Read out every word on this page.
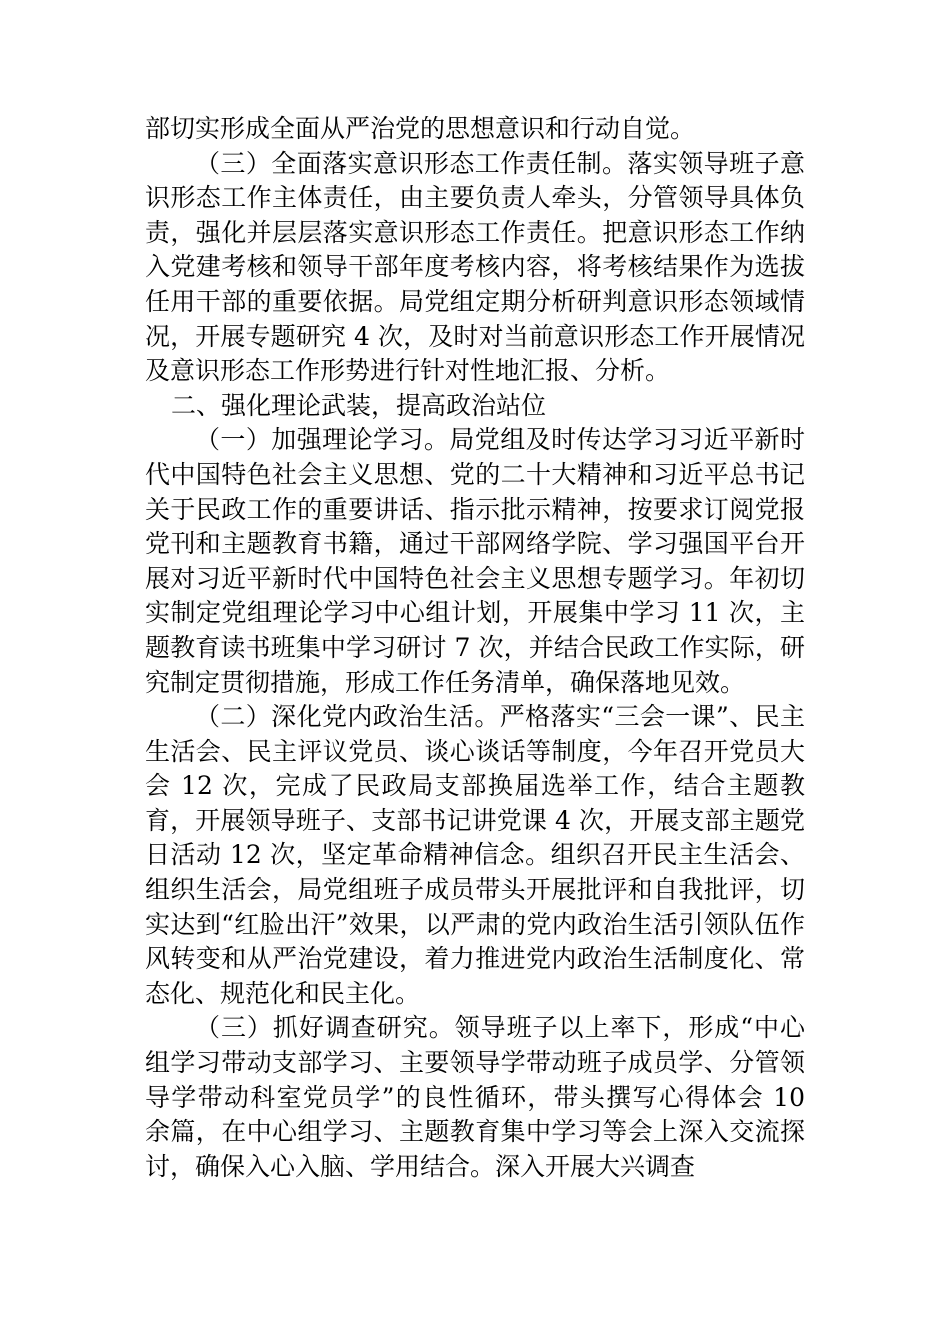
部切实形成全面从严治党的思想意识和行动自觉。

（三）全面落实意识形态工作责任制。落实领导班子意识形态工作主体责任，由主要负责人牵头，分管领导具体负责，强化并层层落实意识形态工作责任。把意识形态工作纳入党建考核和领导干部年度考核内容，将考核结果作为选拔任用干部的重要依据。局党组定期分析研判意识形态领域情况，开展专题研究 4 次，及时对当前意识形态工作开展情况及意识形态工作形势进行针对性地汇报、分析。

二、强化理论武装，提高政治站位

（一）加强理论学习。局党组及时传达学习习近平新时代中国特色社会主义思想、党的二十大精神和习近平总书记关于民政工作的重要讲话、指示批示精神，按要求订阅党报党刊和主题教育书籍，通过干部网络学院、学习强国平台开展对习近平新时代中国特色社会主义思想专题学习。年初切实制定党组理论学习中心组计划，开展集中学习 11 次，主题教育读书班集中学习研讨 7 次，并结合民政工作实际，研究制定贯彻措施，形成工作任务清单，确保落地见效。

（二）深化党内政治生活。严格落实“三会一课”、民主生活会、民主评议党员、谈心谈话等制度，今年召开党员大会 12 次，完成了民政局支部换届选举工作，结合主题教育，开展领导班子、支部书记讲党课 4 次，开展支部主题党日活动 12 次，坚定革命精神信念。组织召开民主生活会、组织生活会，局党组班子成员带头开展批评和自我批评，切实达到“红脸出汗”效果，以严肃的党内政治生活引领队伍作风转变和从严治党建设，着力推进党内政治生活制度化、常态化、规范化和民主化。

（三）抓好调查研究。领导班子以上率下，形成“中心组学习带动支部学习、主要领导学带动班子成员学、分管领导学带动科室党员学”的良性循环，带头撰写心得体会 10 余篇，在中心组学习、主题教育集中学习等会上深入交流探讨，确保入心入脑、学用结合。深入开展大兴调查
